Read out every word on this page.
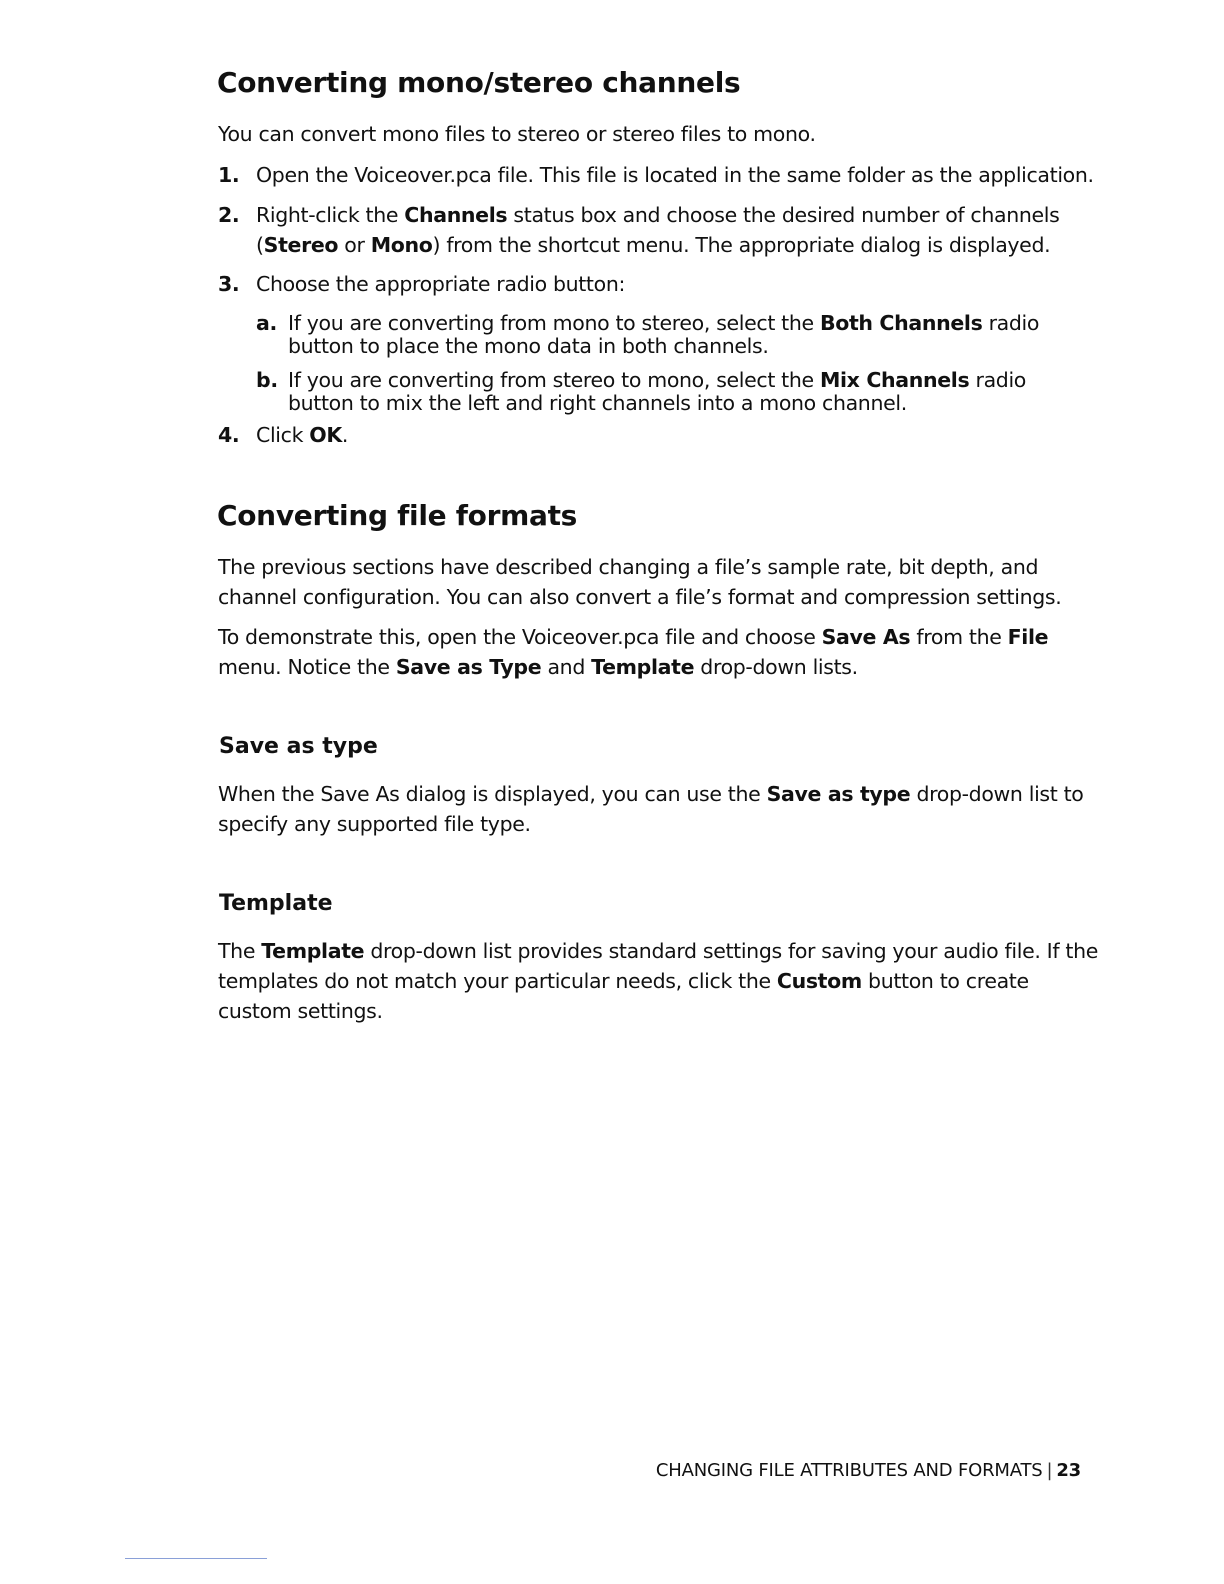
Converting mono/stereo channels

You can convert mono files to stereo or stereo files to mono.

1. Open the Voiceover.pca file. This file is located in the same folder as the application.
2. Right-click the Channels status box and choose the desired number of channels (Stereo or Mono) from the shortcut menu. The appropriate dialog is displayed.
3. Choose the appropriate radio button:
a. If you are converting from mono to stereo, select the Both Channels radio button to place the mono data in both channels.
b. If you are converting from stereo to mono, select the Mix Channels radio button to mix the left and right channels into a mono channel.
4. Click OK.
Converting file formats

The previous sections have described changing a file’s sample rate, bit depth, and channel configuration. You can also convert a file’s format and compression settings.

To demonstrate this, open the Voiceover.pca file and choose Save As from the File menu. Notice the Save as Type and Template drop-down lists.

Save as type

When the Save As dialog is displayed, you can use the Save as type drop-down list to specify any supported file type.

Template

The Template drop-down list provides standard settings for saving your audio file. If the templates do not match your particular needs, click the Custom button to create custom settings.

CHANGING FILE ATTRIBUTES AND FORMATS | 23
